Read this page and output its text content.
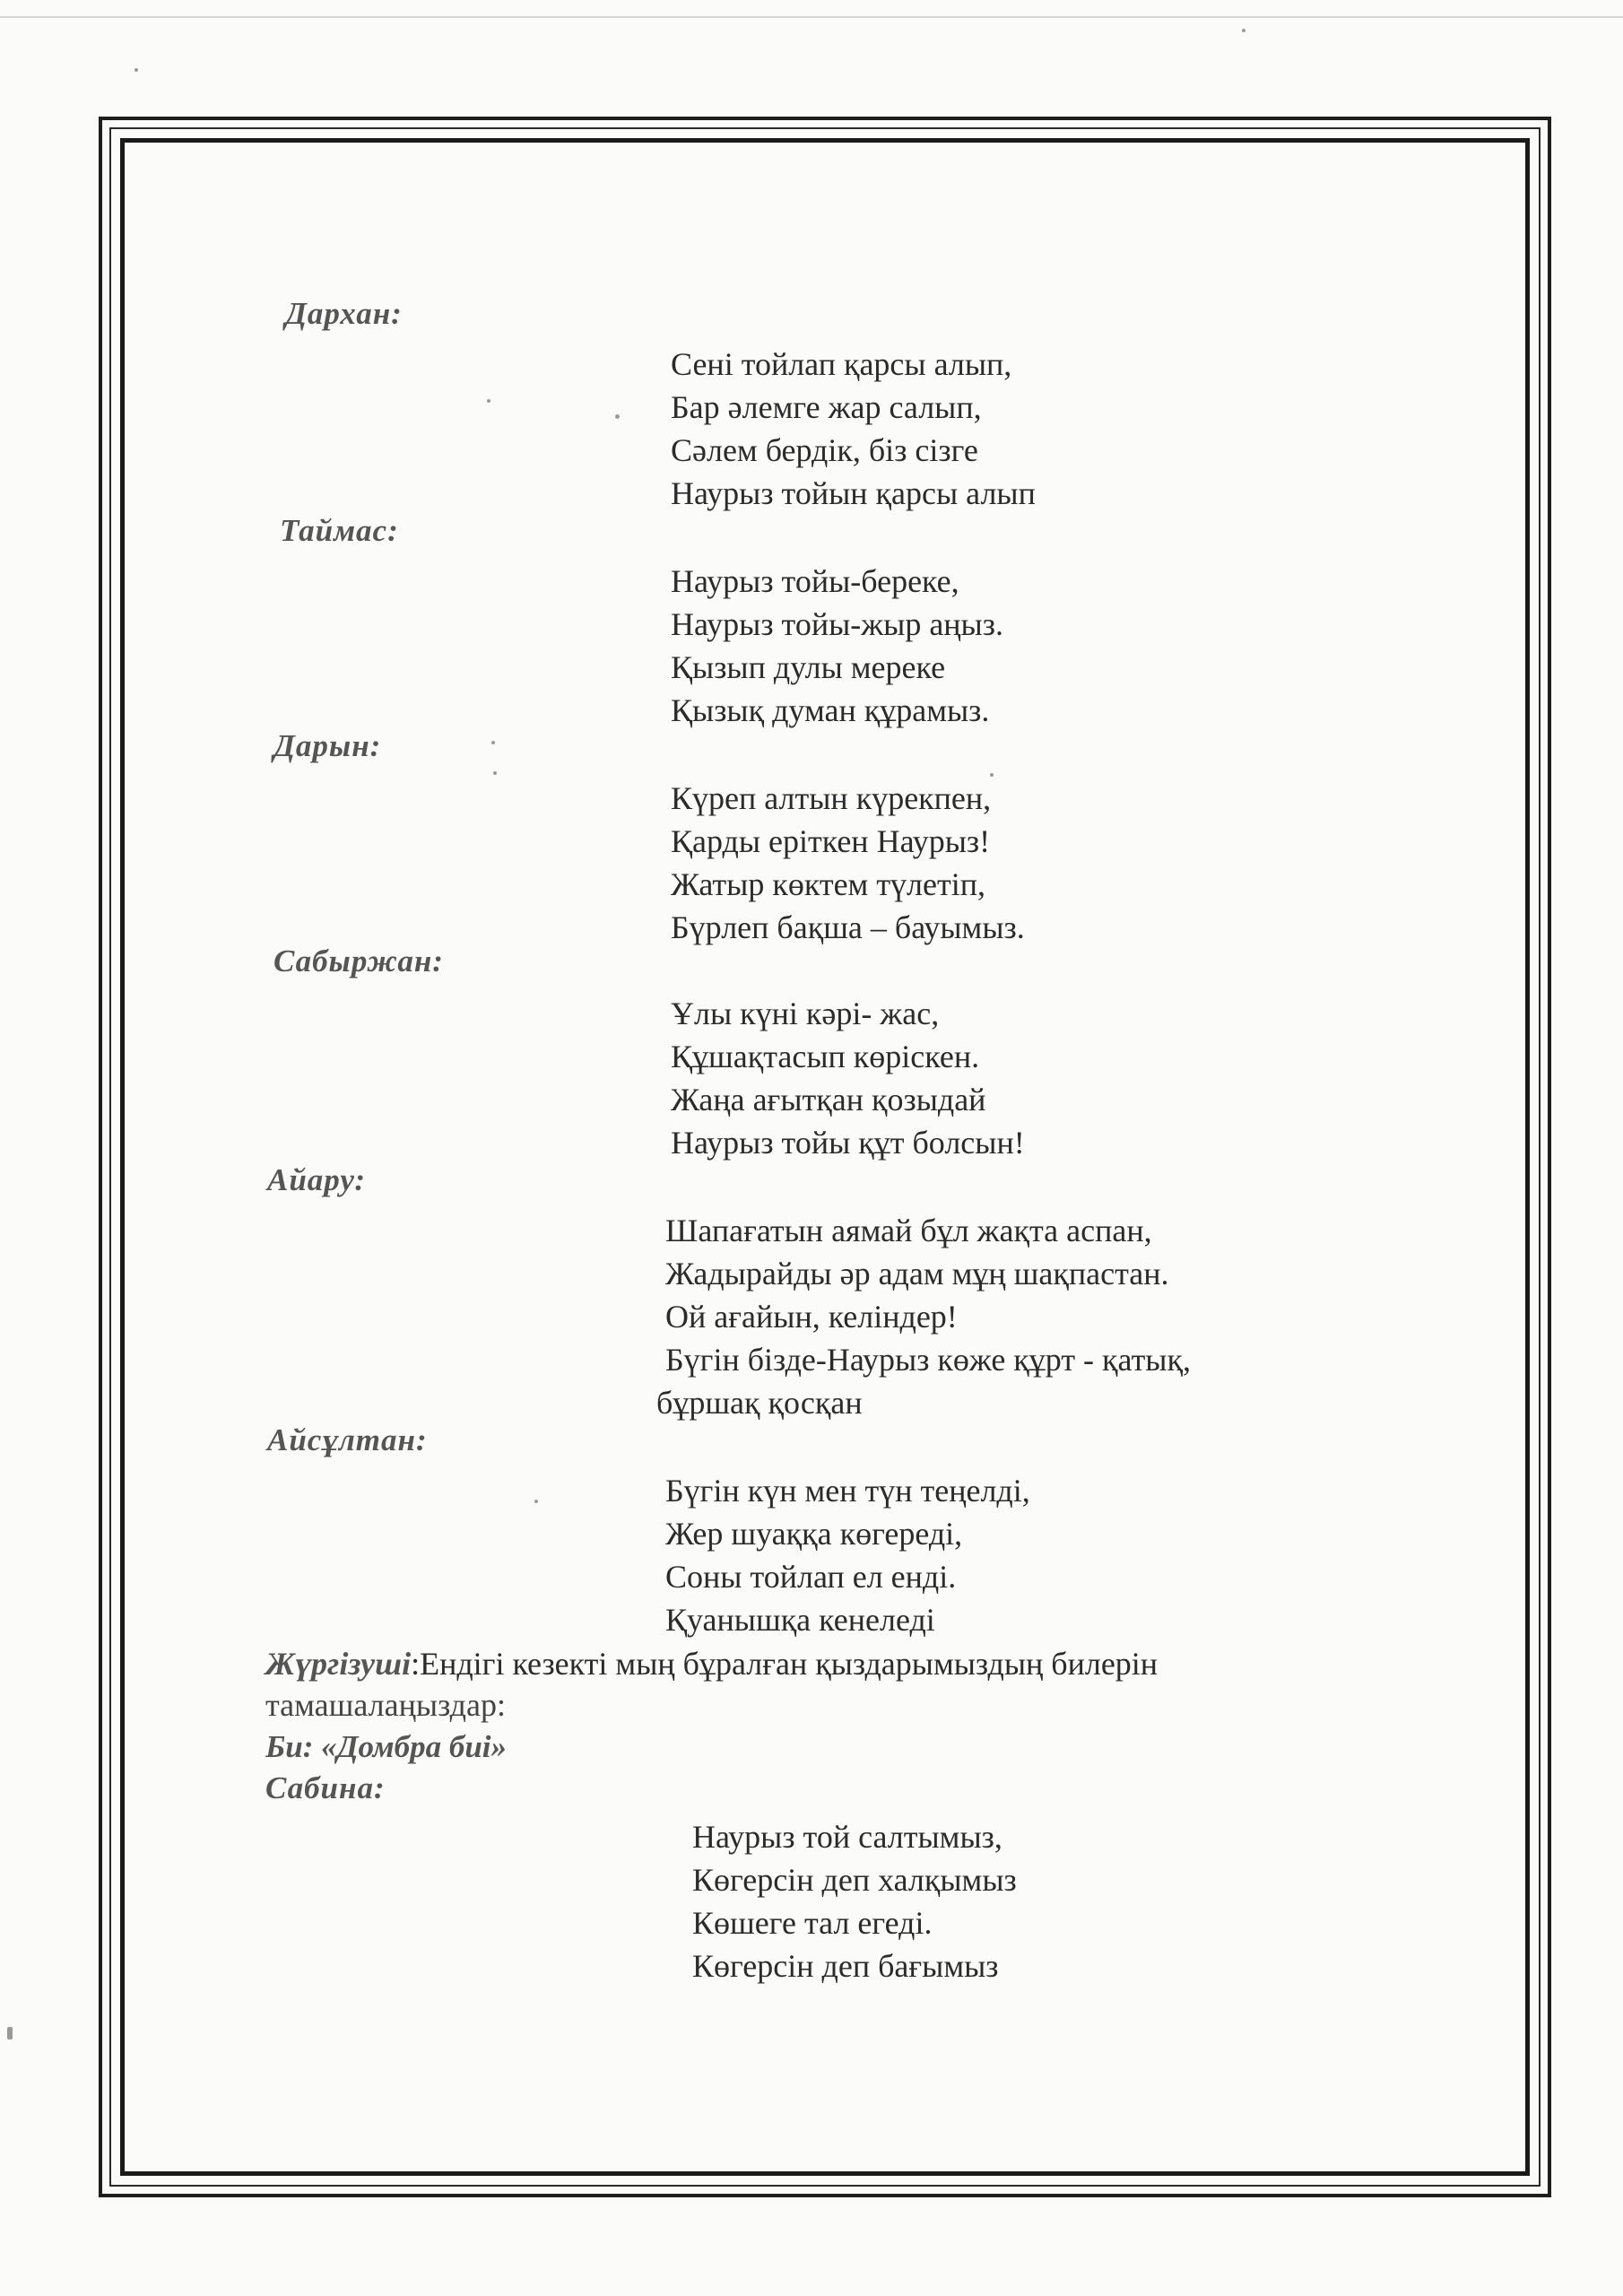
Дархан:
Сені тойлап қарсы алып,
Бар әлемге жар салып,
Сәлем бердік, біз сізге
Наурыз тойын қарсы алып
Таймас:
Наурыз тойы-береке,
Наурыз тойы-жыр аңыз.
Қызып дулы мереке
Қызық думан құрамыз.
Дарын:
Күреп алтын күрекпен,
Қарды еріткен Наурыз!
Жатыр көктем түлетіп,
Бүрлеп бақша – бауымыз.
Сабыржан:
Ұлы күні кәрі- жас,
Құшақтасып көріскен.
Жаңа ағытқан қозыдай
Наурыз тойы құт болсын!
Айару:
Шапағатын аямай бұл жақта аспан,
Жадырайды әр адам мұң шақпастан.
Ой ағайын, келіндер!
Бүгін бізде-Наурыз көже құрт - қатық,
бұршақ қосқан
Айсұлтан:
Бүгін күн мен түн теңелді,
Жер шуаққа көгереді,
Соны тойлап ел енді.
Қуанышқа кенеледі
Жүргізуші:Ендігі кезекті мың бұралған қыздарымыздың билерін
тамашалаңыздар:
Би: «Домбра биі»
Сабина:
Наурыз той салтымыз,
Көгерсін деп халқымыз
Көшеге тал егеді.
Көгерсін деп бағымыз
